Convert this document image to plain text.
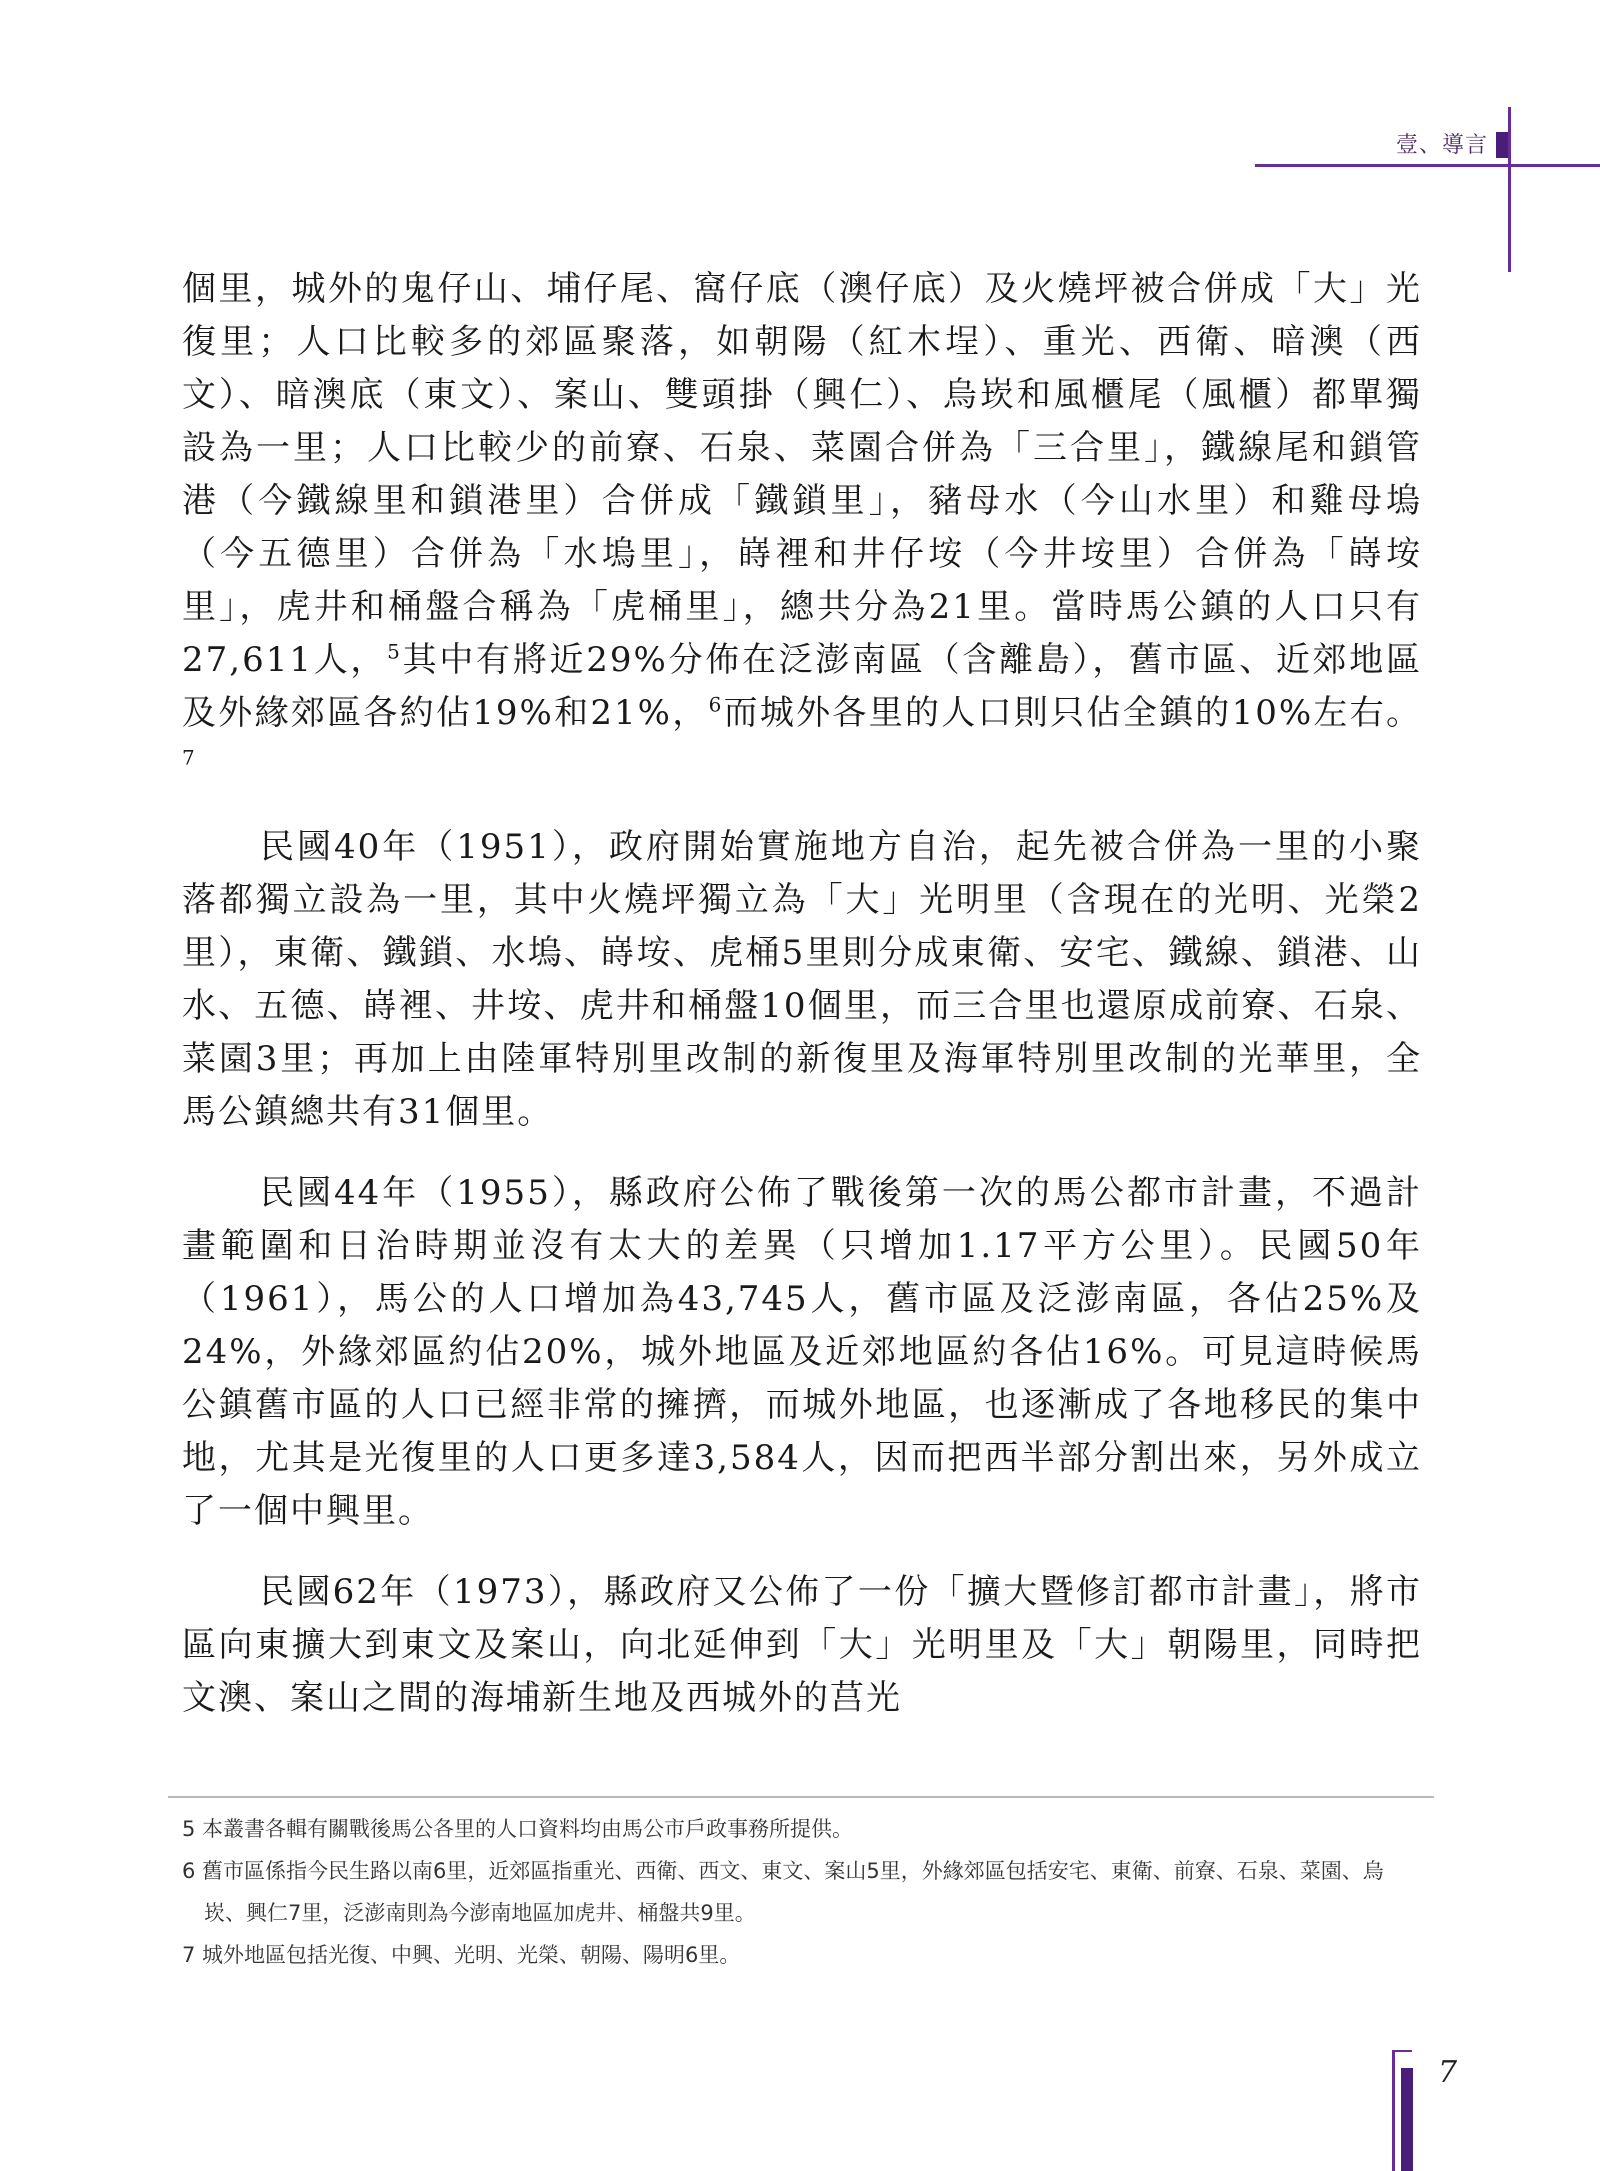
壹、導言

個里，城外的鬼仔山、埔仔尾、窩仔底（澳仔底）及火燒坪被合併成「大」光復里；人口比較多的郊區聚落，如朝陽（紅木埕）、重光、西衛、暗澳（西文）、暗澳底（東文）、案山、雙頭掛（興仁）、烏崁和風櫃尾（風櫃）都單獨設為一里；人口比較少的前寮、石泉、菜園合併為「三合里」，鐵線尾和鎖管港（今鐵線里和鎖港里）合併成「鐵鎖里」，豬母水（今山水里）和雞母塢（今五德里）合併為「水塢里」，嵵裡和井仔垵（今井垵里）合併為「嵵垵里」，虎井和桶盤合稱為「虎桶里」，總共分為21里。當時馬公鎮的人口只有27,611人，$^5$其中有將近29%分佈在泛澎南區（含離島），舊市區、近郊地區及外緣郊區各約佔19%和21%，$^6$而城外各里的人口則只佔全鎮的10%左右。$^7$

民國40年（1951），政府開始實施地方自治，起先被合併為一里的小聚落都獨立設為一里，其中火燒坪獨立為「大」光明里（含現在的光明、光榮2里），東衛、鐵鎖、水塢、嵵垵、虎桶5里則分成東衛、安宅、鐵線、鎖港、山水、五德、嵵裡、井垵、虎井和桶盤10個里，而三合里也還原成前寮、石泉、菜園3里；再加上由陸軍特別里改制的新復里及海軍特別里改制的光華里，全馬公鎮總共有31個里。

民國44年（1955），縣政府公佈了戰後第一次的馬公都市計畫，不過計畫範圍和日治時期並沒有太大的差異（只增加1.17平方公里）。民國50年（1961），馬公的人口增加為43,745人，舊市區及泛澎南區，各佔25%及24%，外緣郊區約佔20%，城外地區及近郊地區約各佔16%。可見這時候馬公鎮舊市區的人口已經非常的擁擠，而城外地區，也逐漸成了各地移民的集中地，尤其是光復里的人口更多達3,584人，因而把西半部分割出來，另外成立了一個中興里。

民國62年（1973），縣政府又公佈了一份「擴大暨修訂都市計畫」，將市區向東擴大到東文及案山，向北延伸到「大」光明里及「大」朝陽里，同時把文澳、案山之間的海埔新生地及西城外的莒光

5 本叢書各輯有關戰後馬公各里的人口資料均由馬公市戶政事務所提供。
6 舊市區係指今民生路以南6里，近郊區指重光、西衛、西文、東文、案山5里，外緣郊區包括安宅、東衛、前寮、石泉、菜園、烏崁、興仁7里，泛澎南則為今澎南地區加虎井、桶盤共9里。
7 城外地區包括光復、中興、光明、光榮、朝陽、陽明6里。
7
